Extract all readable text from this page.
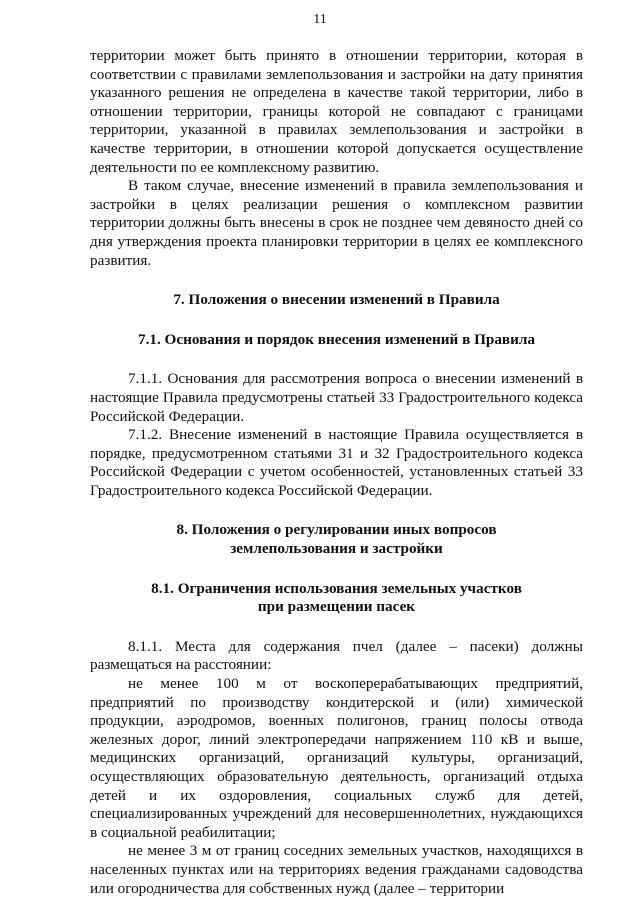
11

территории может быть принято в отношении территории, которая в соответствии с правилами землепользования и застройки на дату принятия указанного решения не определена в качестве такой территории, либо в отношении территории, границы которой не совпадают с границами территории, указанной в правилах землепользования и застройки в качестве территории, в отношении которой допускается осуществление деятельности по ее комплексному развитию.

В таком случае, внесение изменений в правила землепользования и застройки в целях реализации решения о комплексном развитии территории должны быть внесены в срок не позднее чем девяносто дней со дня утверждения проекта планировки территории в целях ее комплексного развития.

7. Положения о внесении изменений в Правила

7.1. Основания и порядок внесения изменений в Правила

7.1.1. Основания для рассмотрения вопроса о внесении изменений в настоящие Правила предусмотрены статьей 33 Градостроительного кодекса Российской Федерации.

7.1.2. Внесение изменений в настоящие Правила осуществляется в порядке, предусмотренном статьями 31 и 32 Градостроительного кодекса Российской Федерации с учетом особенностей, установленных статьей 33 Градостроительного кодекса Российской Федерации.

8. Положения о регулировании иных вопросов
землепользования и застройки
8.1. Ограничения использования земельных участков
при размещении пасек

8.1.1. Места для содержания пчел (далее – пасеки) должны размещаться на расстоянии:

не менее 100 м от воскоперерабатывающих предприятий, предприятий по производству кондитерской и (или) химической продукции, аэродромов, военных полигонов, границ полосы отвода железных дорог, линий электропередачи напряжением 110 кВ и выше, медицинских организаций, организаций культуры, организаций, осуществляющих образовательную деятельность, организаций отдыха детей и их оздоровления, социальных служб для детей, специализированных учреждений для несовершеннолетних, нуждающихся в социальной реабилитации;

не менее 3 м от границ соседних земельных участков, находящихся в населенных пунктах или на территориях ведения гражданами садоводства или огородничества для собственных нужд (далее – территории
